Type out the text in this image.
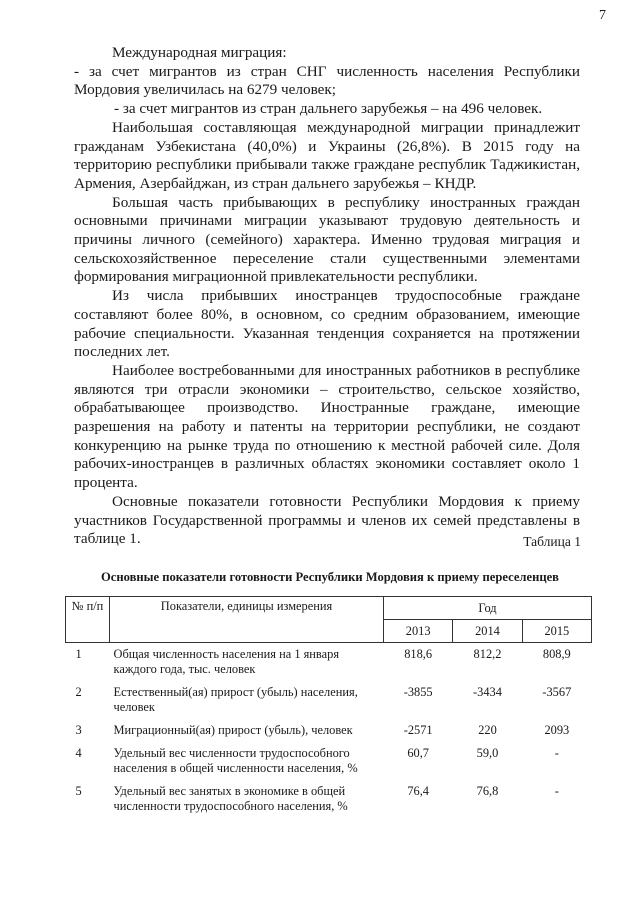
7

Международная миграция:

- за счет мигрантов из стран СНГ численность населения Республики Мордовия увеличилась на 6279 человек;

- за счет мигрантов из стран дальнего зарубежья – на 496 человек.

Наибольшая составляющая международной миграции принадлежит гражданам Узбекистана (40,0%) и Украины (26,8%). В 2015 году на территорию республики прибывали также граждане республик Таджикистан, Армения, Азербайджан, из стран дальнего зарубежья – КНДР.

Большая часть прибывающих в республику иностранных граждан основными причинами миграции указывают трудовую деятельность и причины личного (семейного) характера. Именно трудовая миграция и сельскохозяйственное переселение стали существенными элементами формирования миграционной привлекательности республики.

Из числа прибывших иностранцев трудоспособные граждане составляют более 80%, в основном, со средним образованием, имеющие рабочие специальности. Указанная тенденция сохраняется на протяжении последних лет.

Наиболее востребованными для иностранных работников в республике являются три отрасли экономики – строительство, сельское хозяйство, обрабатывающее производство. Иностранные граждане, имеющие разрешения на работу и патенты на территории республики, не создают конкуренцию на рынке труда по отношению к местной рабочей силе. Доля рабочих-иностранцев в различных областях экономики составляет около 1 процента.

Основные показатели готовности Республики Мордовия к приему участников Государственной программы и членов их семей представлены в таблице 1.	Таблица 1
Основные показатели готовности Республики Мордовия к приему переселенцев
№ п/п	Показатели, единицы измерения	Год		
		2013	2014	2015
1	Общая численность населения на 1 января каждого года, тыс. человек	818,6	812,2	808,9
2	Естественный(ая) прирост (убыль) населения, человек	-3855	-3434	-3567
3	Миграционный(ая) прирост (убыль), человек	-2571	220	2093
4	Удельный вес численности трудоспособного населения в общей численности населения, %	60,7	59,0	-
5	Удельный вес занятых в экономике в общей численности трудоспособного населения, %	76,4	76,8	-
